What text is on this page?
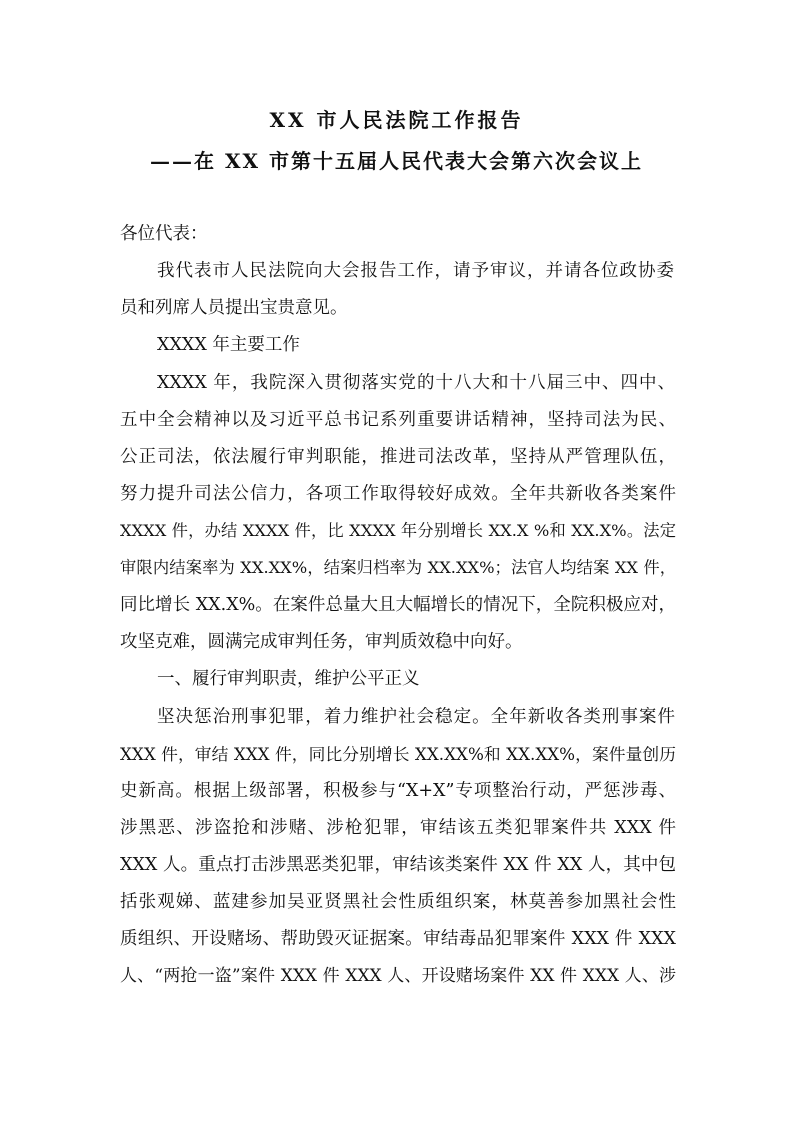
XX 市人民法院工作报告
——在 XX 市第十五届人民代表大会第六次会议上
各位代表：
我代表市人民法院向大会报告工作，请予审议，并请各位政协委
员和列席人员提出宝贵意见。
XXXX 年主要工作
XXXX 年，我院深入贯彻落实党的十八大和十八届三中、四中、
五中全会精神以及习近平总书记系列重要讲话精神，坚持司法为民、
公正司法，依法履行审判职能，推进司法改革，坚持从严管理队伍，
努力提升司法公信力，各项工作取得较好成效。全年共新收各类案件
XXXX 件，办结 XXXX 件，比 XXXX 年分别增长 XX.X %和 XX.X%。法定
审限内结案率为 XX.XX%，结案归档率为 XX.XX%；法官人均结案 XX 件，
同比增长 XX.X%。在案件总量大且大幅增长的情况下，全院积极应对，
攻坚克难，圆满完成审判任务，审判质效稳中向好。
一、履行审判职责，维护公平正义
坚决惩治刑事犯罪，着力维护社会稳定。全年新收各类刑事案件
XXX 件，审结 XXX 件，同比分别增长 XX.XX%和 XX.XX%，案件量创历
史新高。根据上级部署，积极参与“X+X”专项整治行动，严惩涉毒、
涉黑恶、涉盗抢和涉赌、涉枪犯罪，审结该五类犯罪案件共 XXX 件
XXX 人。重点打击涉黑恶类犯罪，审结该类案件 XX 件 XX 人，其中包
括张观娣、蓝建参加吴亚贤黑社会性质组织案，林莫善参加黑社会性
质组织、开设赌场、帮助毁灭证据案。审结毒品犯罪案件 XXX 件 XXX
人、“两抢一盗”案件 XXX 件 XXX 人、开设赌场案件 XX 件 XXX 人、涉
